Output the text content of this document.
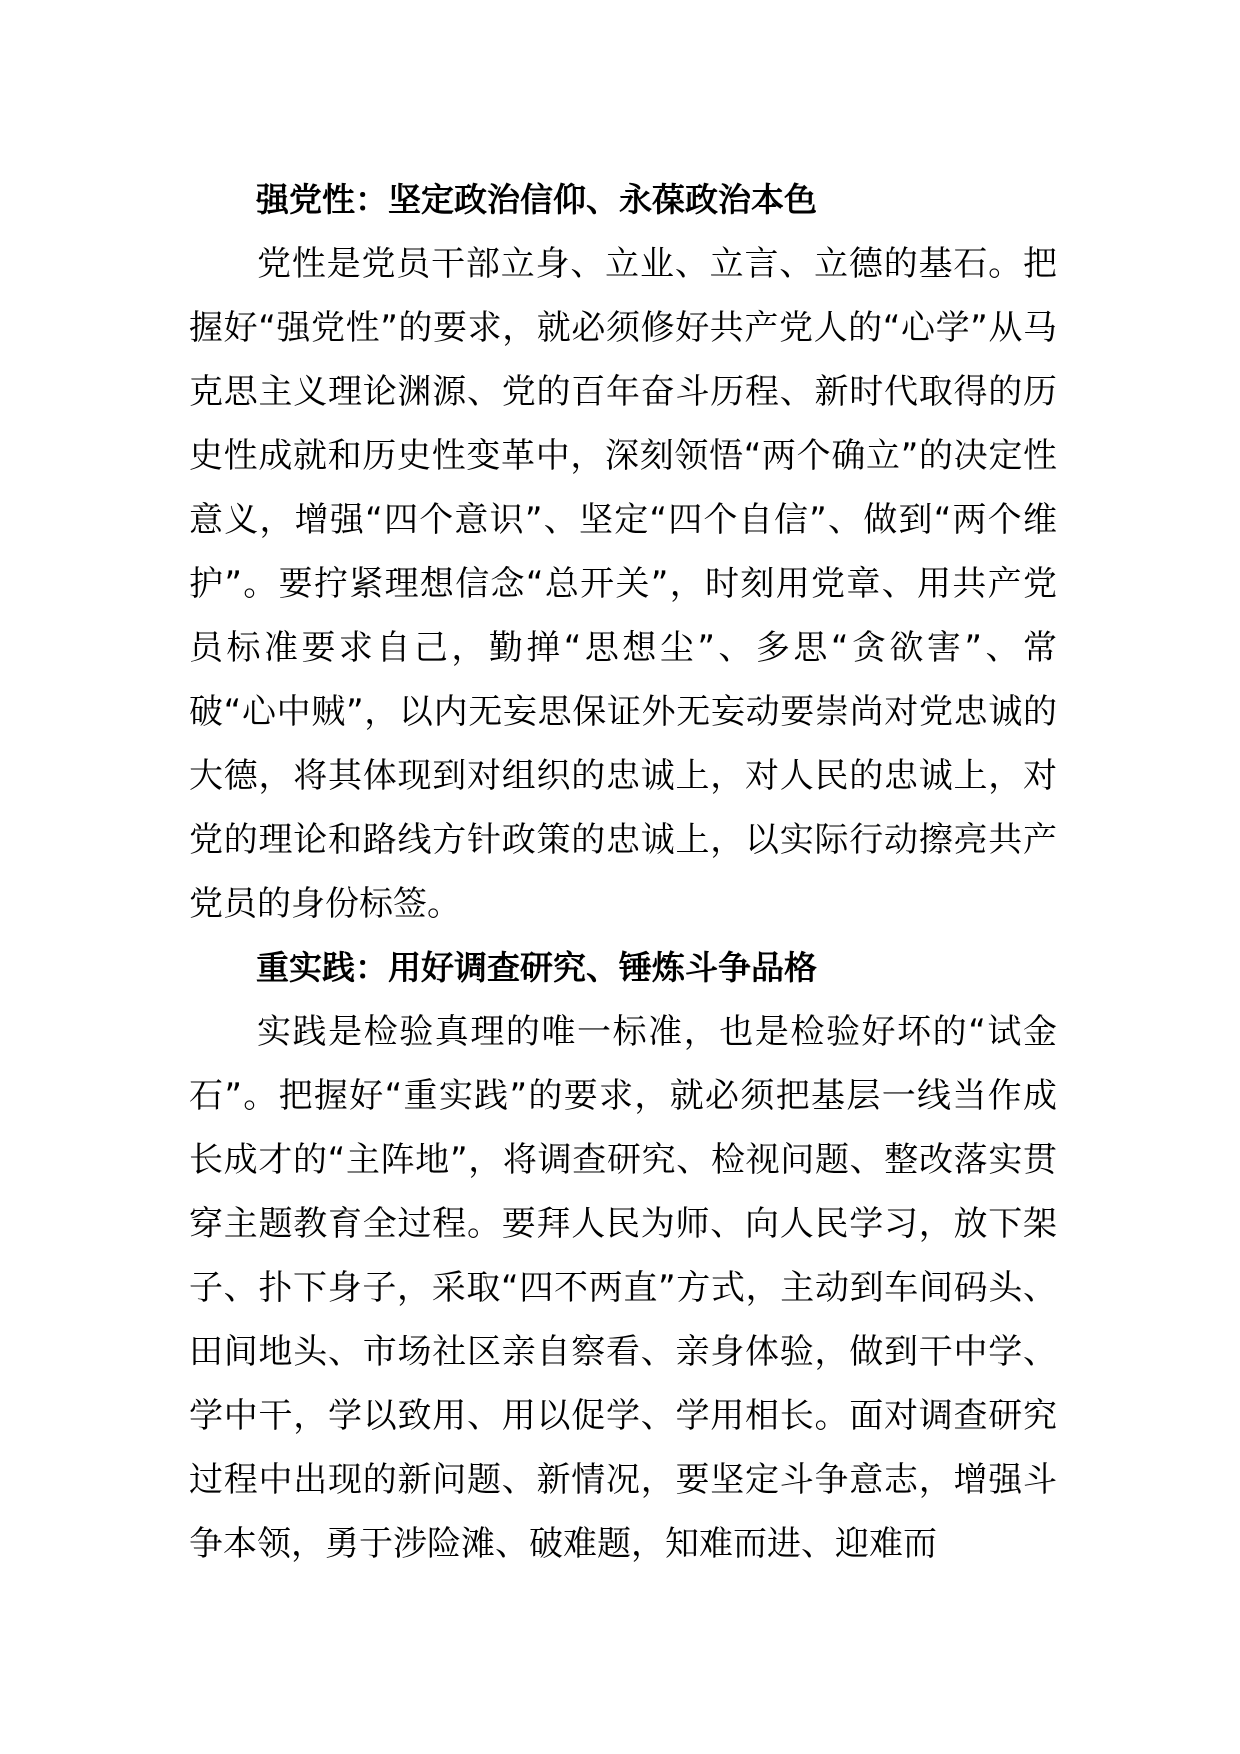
强党性：坚定政治信仰、永葆政治本色

党性是党员干部立身、立业、立言、立德的基石。把握好“强党性”的要求，就必须修好共产党人的“心学”从马克思主义理论渊源、党的百年奋斗历程、新时代取得的历史性成就和历史性变革中，深刻领悟“两个确立”的决定性意义，增强“四个意识”、坚定“四个自信”、做到“两个维护”。要拧紧理想信念“总开关”，时刻用党章、用共产党员标准要求自己，勤掸“思想尘”、多思“贪欲害”、常破“心中贼”，以内无妄思保证外无妄动要崇尚对党忠诚的大德，将其体现到对组织的忠诚上，对人民的忠诚上，对党的理论和路线方针政策的忠诚上，以实际行动擦亮共产党员的身份标签。

重实践：用好调查研究、锤炼斗争品格

实践是检验真理的唯一标准，也是检验好坏的“试金石”。把握好“重实践”的要求，就必须把基层一线当作成长成才的“主阵地”，将调查研究、检视问题、整改落实贯穿主题教育全过程。要拜人民为师、向人民学习，放下架子、扑下身子，采取“四不两直”方式，主动到车间码头、田间地头、市场社区亲自察看、亲身体验，做到干中学、学中干，学以致用、用以促学、学用相长。面对调查研究过程中出现的新问题、新情况，要坚定斗争意志，增强斗争本领，勇于涉险滩、破难题，知难而进、迎难而
